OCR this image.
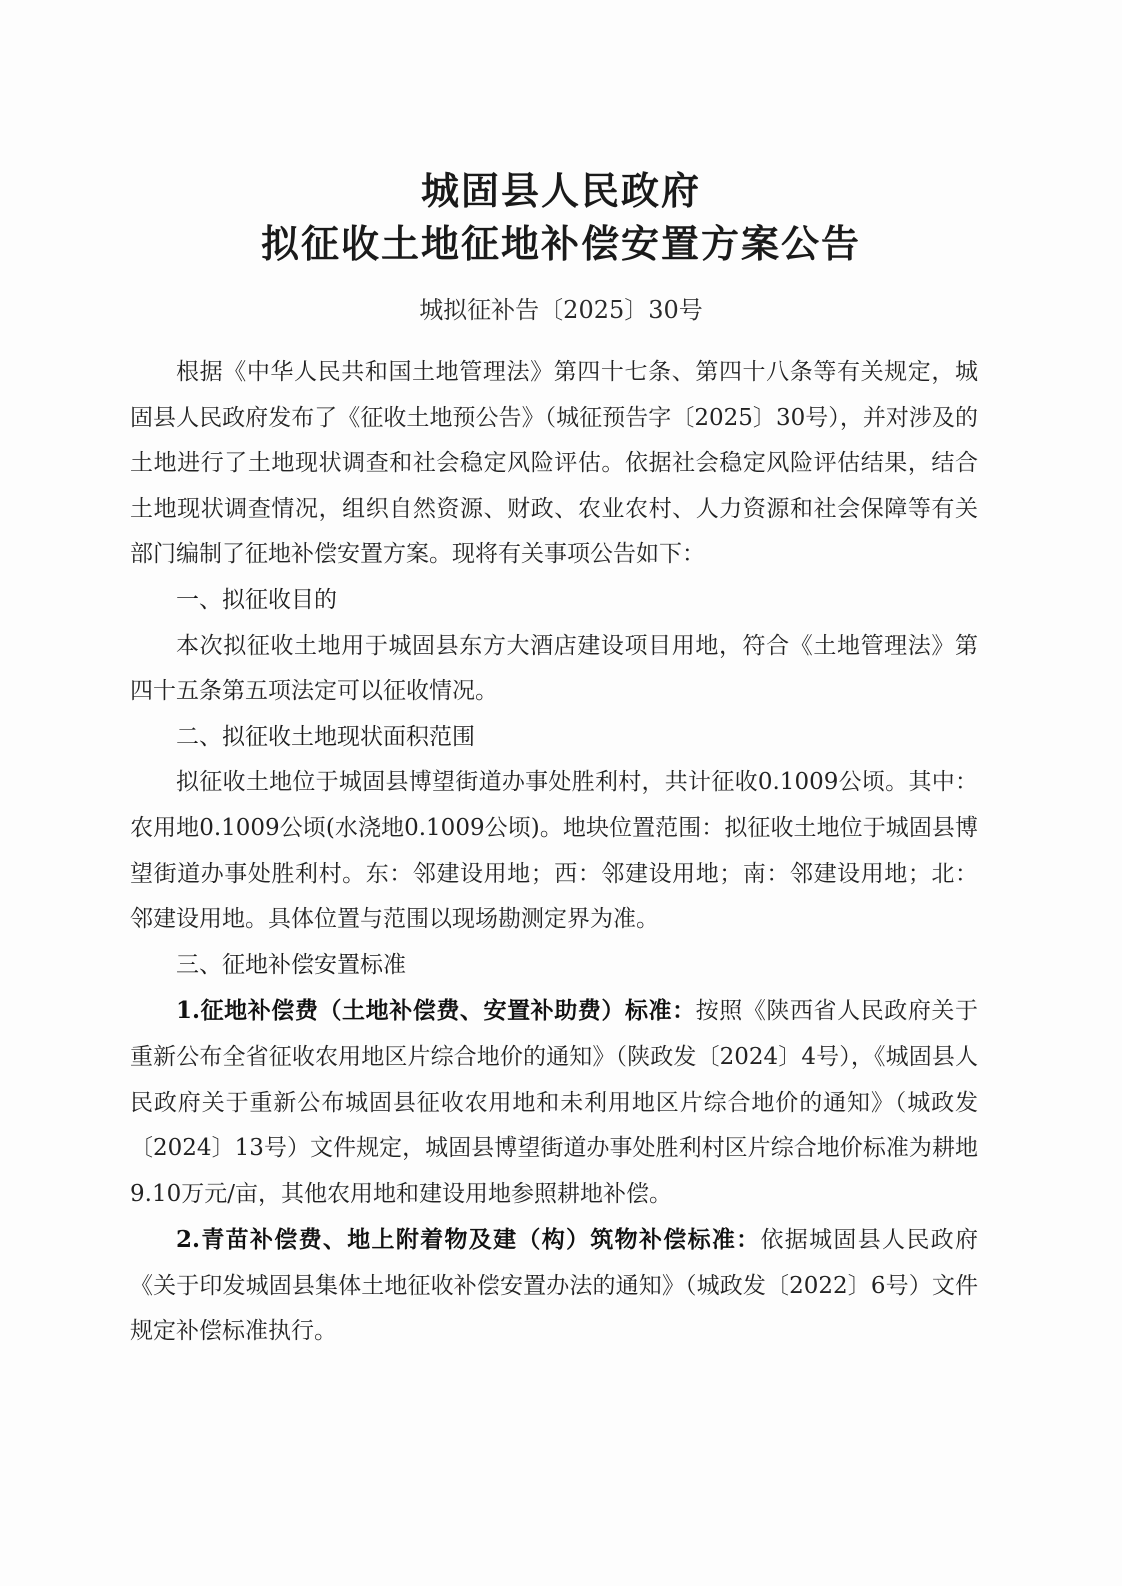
城固县人民政府
拟征收土地征地补偿安置方案公告
城拟征补告〔2025〕30号

根据《中华人民共和国土地管理法》第四十七条、第四十八条等有关规定，城固县人民政府发布了《征收土地预公告》（城征预告字〔2025〕30号），并对涉及的土地进行了土地现状调查和社会稳定风险评估。依据社会稳定风险评估结果，结合土地现状调查情况，组织自然资源、财政、农业农村、人力资源和社会保障等有关部门编制了征地补偿安置方案。现将有关事项公告如下：

一、拟征收目的

本次拟征收土地用于城固县东方大酒店建设项目用地，符合《土地管理法》第四十五条第五项法定可以征收情况。

二、拟征收土地现状面积范围

拟征收土地位于城固县博望街道办事处胜利村，共计征收0.1009公顷。其中：农用地0.1009公顷(水浇地0.1009公顷)。地块位置范围：拟征收土地位于城固县博望街道办事处胜利村。东：邻建设用地；西：邻建设用地；南：邻建设用地；北：邻建设用地。具体位置与范围以现场勘测定界为准。

三、征地补偿安置标准

1.征地补偿费（土地补偿费、安置补助费）标准：按照《陕西省人民政府关于重新公布全省征收农用地区片综合地价的通知》（陕政发〔2024〕4号），《城固县人民政府关于重新公布城固县征收农用地和未利用地区片综合地价的通知》（城政发〔2024〕13号）文件规定，城固县博望街道办事处胜利村区片综合地价标准为耕地9.10万元/亩，其他农用地和建设用地参照耕地补偿。

2.青苗补偿费、地上附着物及建（构）筑物补偿标准：依据城固县人民政府《关于印发城固县集体土地征收补偿安置办法的通知》（城政发〔2022〕6号）文件规定补偿标准执行。
